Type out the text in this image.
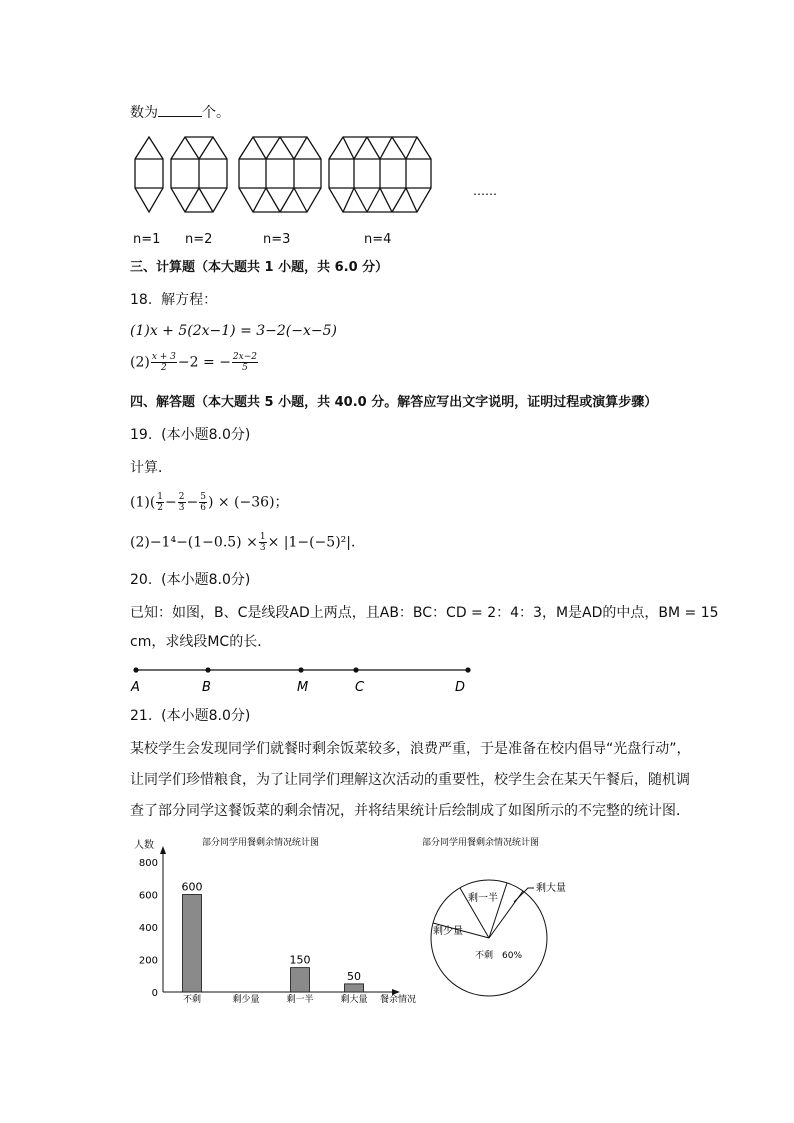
数为	个。
……
n=1 n=2	n=3	n=4
三、计算题（本大题共 1 小题，共 6.0 分）
18. 解方程：
(1)x + 5(2x−1) = 3−2(−x−5)
$(2) \frac{x + 3}{2} -2$ = − $\frac{2x-2}{5}$
四、解答题（本大题共 5 小题，共 40.0 分。解答应写出文字说明，证明过程或演算步骤）
19. (本小题8.0分)
计算．
$(1)( \frac{1}{2} - \frac{2}{3} - \frac{5}{6}$ ) × (−36)；
$(2)-1^4-(1-0.5) \times \frac{1}{3} \times |1-(-5)^2|$．
20. (本小题8.0分)
已知：如图，B、C是线段AD上两点，且AB：BC：CD = 2：4：3，M是AD的中点，BM = 15
cm，求线段MC的长．
A	B	M	C	D
21. (本小题8.0分)
某校学生会发现同学们就餐时剩余饭菜较多，浪费严重，于是准备在校内倡导“光盘行动”，
让同学们珍惜粮食，为了让同学们理解这次活动的重要性，校学生会在某天午餐后，随机调
查了部分同学这餐饭菜的剩余情况，并将结果统计后绘制成了如图所示的不完整的统计图．
部分同学用餐剩余情况统计图
人数
餐余情况
0
200
400
600
800
600
不剩	剩少量
150
剩一半
50
剩大量
部分同学用餐剩余情况统计图
剩一半
剩大量
剩少量
不剩　60%
